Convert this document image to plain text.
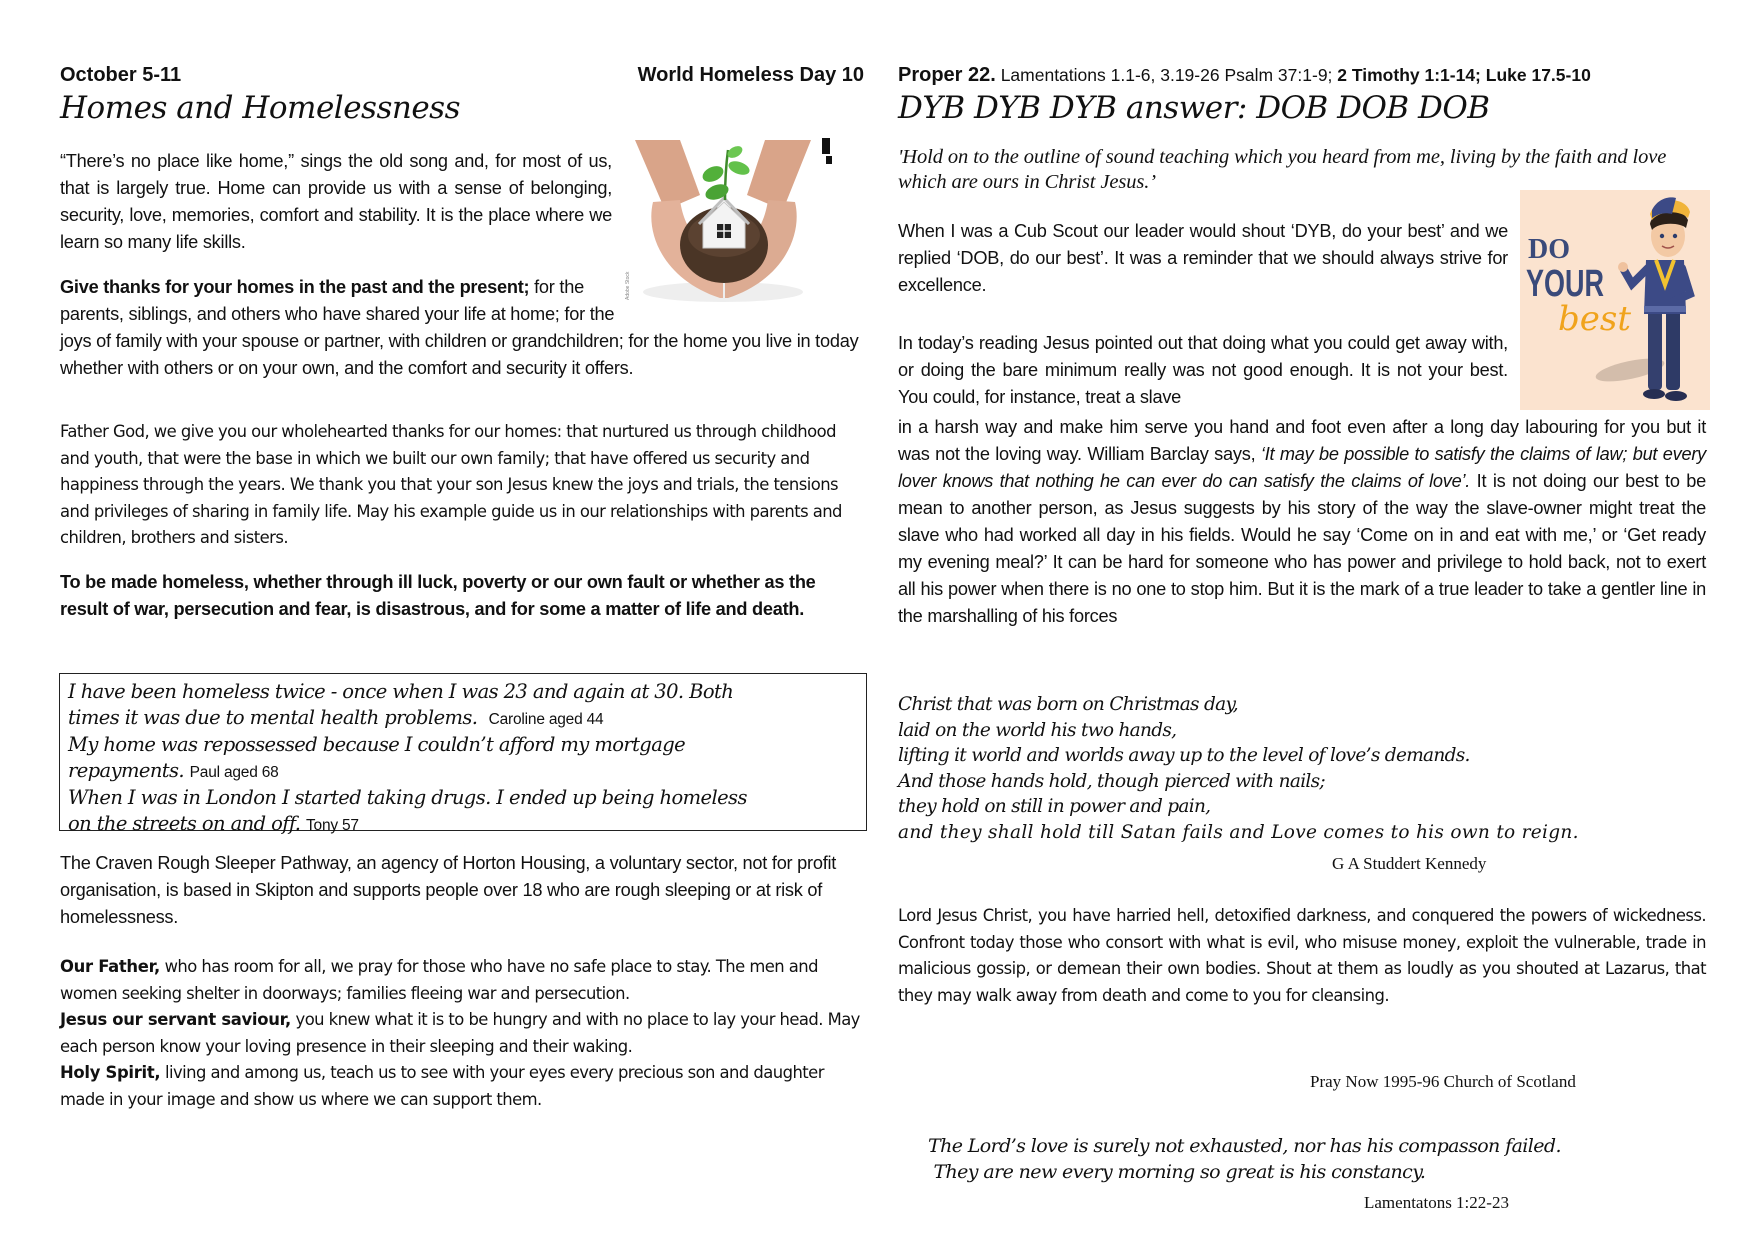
October 5-11	World Homeless Day 10
Homes and Homelessness

“There’s no place like home,” sings the old song and, for most of us, that is largely true. Home can provide us with a sense of belonging, security, love, memories, comfort and stability. It is the place where we learn so many life skills.

Give thanks for your homes in the past and the present; for the parents, siblings, and others who have shared your life at home; for the joys of family with your spouse or partner, with children or grandchildren; for the home you live in today whether with others or on your own, and the comfort and security it offers.

Father God, we give you our wholehearted thanks for our homes: that nurtured us through childhood and youth, that were the base in which we built our own family; that have offered us security and happiness through the years. We thank you that your son Jesus knew the joys and trials, the tensions and privileges of sharing in family life. May his example guide us in our relationships with parents and children, brothers and sisters.

To be made homeless, whether through ill luck, poverty or our own fault or whether as the result of war, persecution and fear, is disastrous, and for some a matter of life and death.

I have been homeless twice - once when I was 23 and again at 30. Both
times it was due to mental health problems. Caroline aged 44
My home was repossessed because I couldn’t afford my mortgage
repayments. Paul aged 68
When I was in London I started taking drugs. I ended up being homeless
on the streets on and off. Tony 57

The Craven Rough Sleeper Pathway, an agency of Horton Housing, a voluntary sector, not for profit organisation, is based in Skipton and supports people over 18 who are rough sleeping or at risk of homelessness.

Our Father, who has room for all, we pray for those who have no safe place to stay. The men and women seeking shelter in doorways; families fleeing war and persecution.

Jesus our servant saviour, you knew what it is to be hungry and with no place to lay your head. May each person know your loving presence in their sleeping and their waking.

Holy Spirit, living and among us, teach us to see with your eyes every precious son and daughter made in your image and show us where we can support them.

Adobe Stock
Proper 22. Lamentations 1.1-6, 3.19-26 Psalm 37:1-9; 2 Timothy 1:1-14; Luke 17.5-10
DYB DYB DYB answer: DOB DOB DOB

'Hold on to the outline of sound teaching which you heard from me, living by the faith and love which are ours in Christ Jesus.’

When I was a Cub Scout our leader would shout ‘DYB, do your best’ and we replied ‘DOB, do our best’. It was a reminder that we should always strive for excellence.

In today’s reading Jesus pointed out that doing what you could get away with, or doing the bare minimum really was not good enough. It is not your best. You could, for instance, treat a slave

in a harsh way and make him serve you hand and foot even after a long day labouring for you but it was not the loving way. William Barclay says, ‘It may be possible to satisfy the claims of law; but every lover knows that nothing he can ever do can satisfy the claims of love’. It is not doing our best to be mean to another person, as Jesus suggests by his story of the way the slave-owner might treat the slave who had worked all day in his fields. Would he say ‘Come on in and eat with me,’ or ‘Get ready my evening meal?’ It can be hard for someone who has power and privilege to hold back, not to exert all his power when there is no one to stop him. But it is the mark of a true leader to take a gentler line in the marshalling of his forces

Christ that was born on Christmas day,
laid on the world his two hands,
lifting it world and worlds away up to the level of love’s demands.
And those hands hold, though pierced with nails;
they hold on still in power and pain,
and they shall hold till Satan fails and Love comes to his own to reign.
G A Studdert Kennedy

Lord Jesus Christ, you have harried hell, detoxified darkness, and conquered the powers of wickedness. Confront today those who consort with what is evil, who misuse money, exploit the vulnerable, trade in malicious gossip, or demean their own bodies. Shout at them as loudly as you shouted at Lazarus, that they may walk away from death and come to you for cleansing.

Pray Now 1995-96 Church of Scotland
The Lord’s love is surely not exhausted, nor has his compasson failed.
They are new every morning so great is his constancy.
Lamentatons 1:22-23
DO
YOUR
best
